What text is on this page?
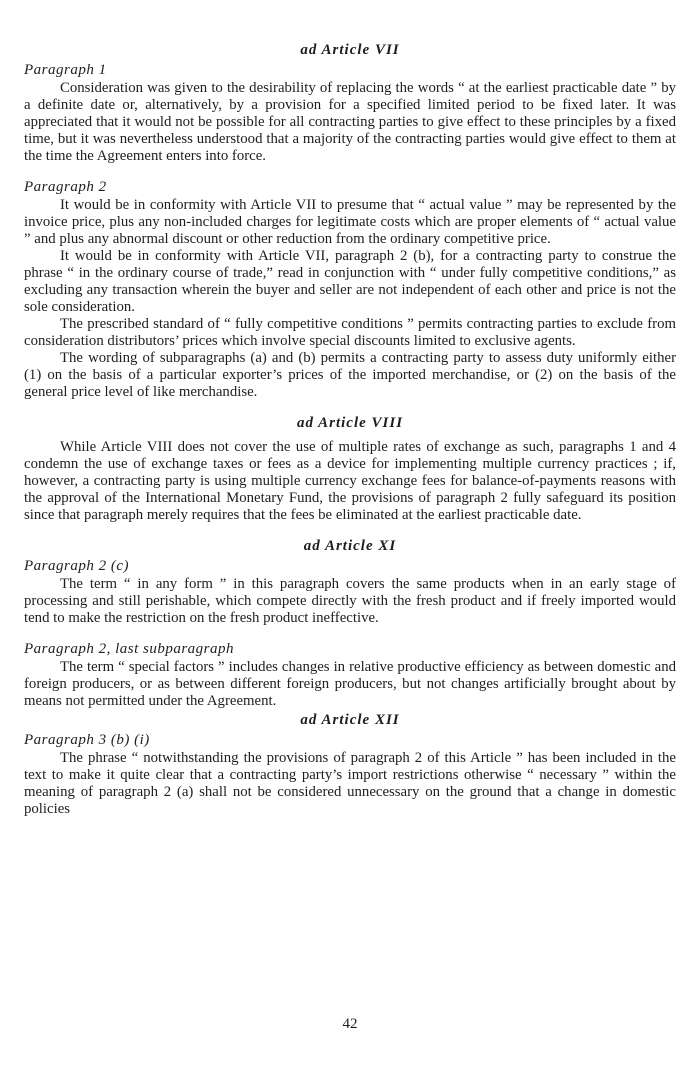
ad Article VII
Paragraph 1

Consideration was given to the desirability of replacing the words “ at the earliest practicable date ” by a definite date or, alternatively, by a provision for a specified limited period to be fixed later. It was appreciated that it would not be possible for all contracting parties to give effect to these principles by a fixed time, but it was nevertheless understood that a majority of the contracting parties would give effect to them at the time the Agreement enters into force.

Paragraph 2

It would be in conformity with Article VII to presume that “ actual value ” may be represented by the invoice price, plus any non-included charges for legitimate costs which are proper elements of “ actual value ” and plus any abnormal discount or other reduction from the ordinary competitive price.

It would be in conformity with Article VII, paragraph 2 (b), for a contracting party to construe the phrase “ in the ordinary course of trade,” read in conjunction with “ under fully competitive conditions,” as excluding any transaction wherein the buyer and seller are not independent of each other and price is not the sole consideration.

The prescribed standard of “ fully competitive conditions ” permits contracting parties to exclude from consideration distributors’ prices which involve special discounts limited to exclusive agents.

The wording of subparagraphs (a) and (b) permits a contracting party to assess duty uniformly either (1) on the basis of a particular exporter’s prices of the imported merchandise, or (2) on the basis of the general price level of like merchandise.

ad Article VIII

While Article VIII does not cover the use of multiple rates of exchange as such, paragraphs 1 and 4 condemn the use of exchange taxes or fees as a device for implementing multiple currency practices ; if, however, a contracting party is using multiple currency exchange fees for balance-of-payments reasons with the approval of the International Monetary Fund, the provisions of paragraph 2 fully safeguard its position since that paragraph merely requires that the fees be eliminated at the earliest practicable date.

ad Article XI
Paragraph 2 (c)

The term “ in any form ” in this paragraph covers the same products when in an early stage of processing and still perishable, which compete directly with the fresh product and if freely imported would tend to make the restriction on the fresh product ineffective.

Paragraph 2, last subparagraph

The term “ special factors ” includes changes in relative productive efficiency as between domestic and foreign producers, or as between different foreign producers, but not changes artificially brought about by means not permitted under the Agreement.

ad Article XII
Paragraph 3 (b) (i)

The phrase “ notwithstanding the provisions of paragraph 2 of this Article ” has been included in the text to make it quite clear that a contracting party’s import restrictions otherwise “ necessary ” within the meaning of paragraph 2 (a) shall not be considered unnecessary on the ground that a change in domestic policies

42
